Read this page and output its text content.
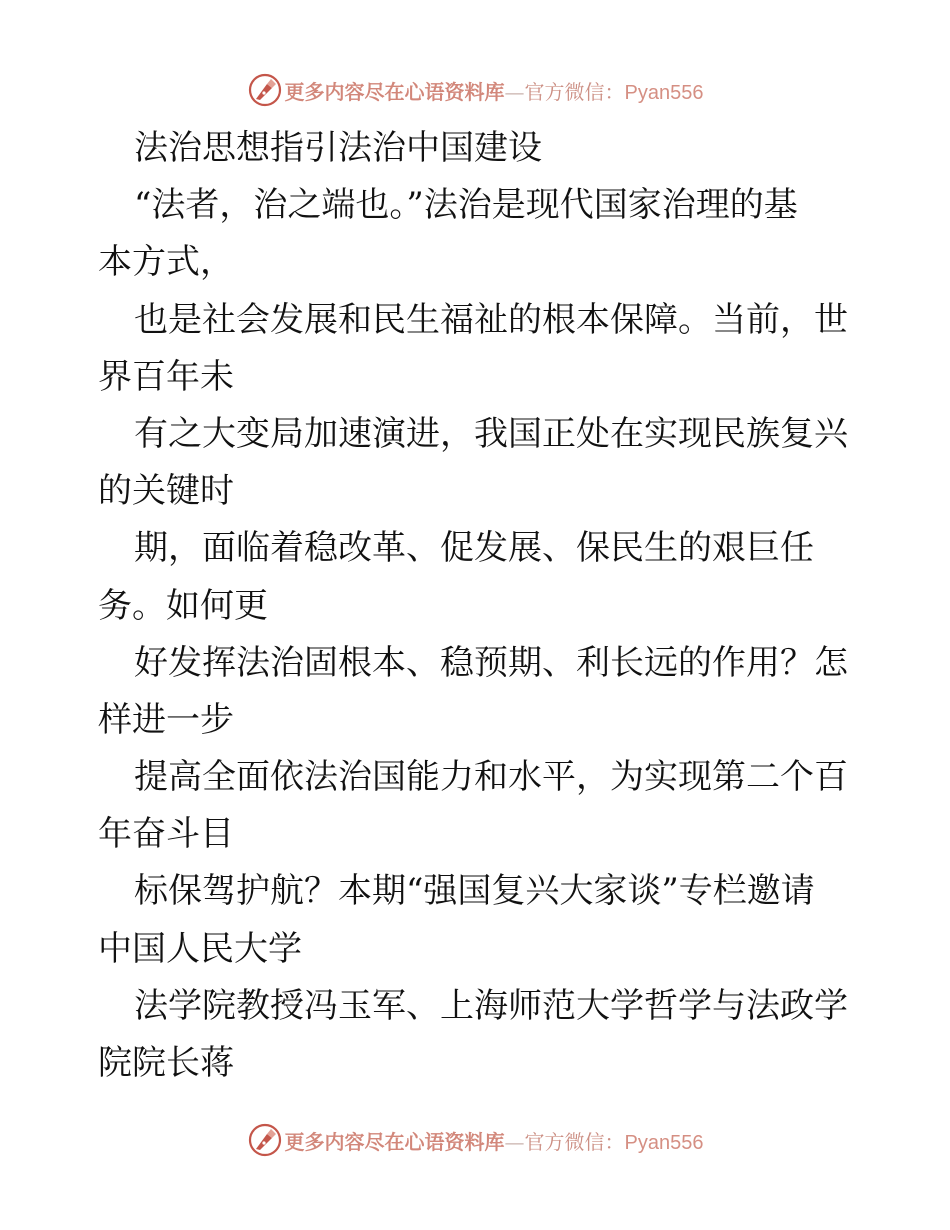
更多内容尽在心语资料库—官方微信：Pyan556
法治思想指引法治中国建设
“法者，治之端也。”法治是现代国家治理的基
本方式，
也是社会发展和民生福祉的根本保障。当前，世
界百年未
有之大变局加速演进，我国正处在实现民族复兴
的关键时
期，面临着稳改革、促发展、保民生的艰巨任
务。如何更
好发挥法治固根本、稳预期、利长远的作用？怎
样进一步
提高全面依法治国能力和水平，为实现第二个百
年奋斗目
标保驾护航？本期“强国复兴大家谈”专栏邀请
中国人民大学
法学院教授冯玉军、上海师范大学哲学与法政学
院院长蒋
更多内容尽在心语资料库—官方微信：Pyan556
